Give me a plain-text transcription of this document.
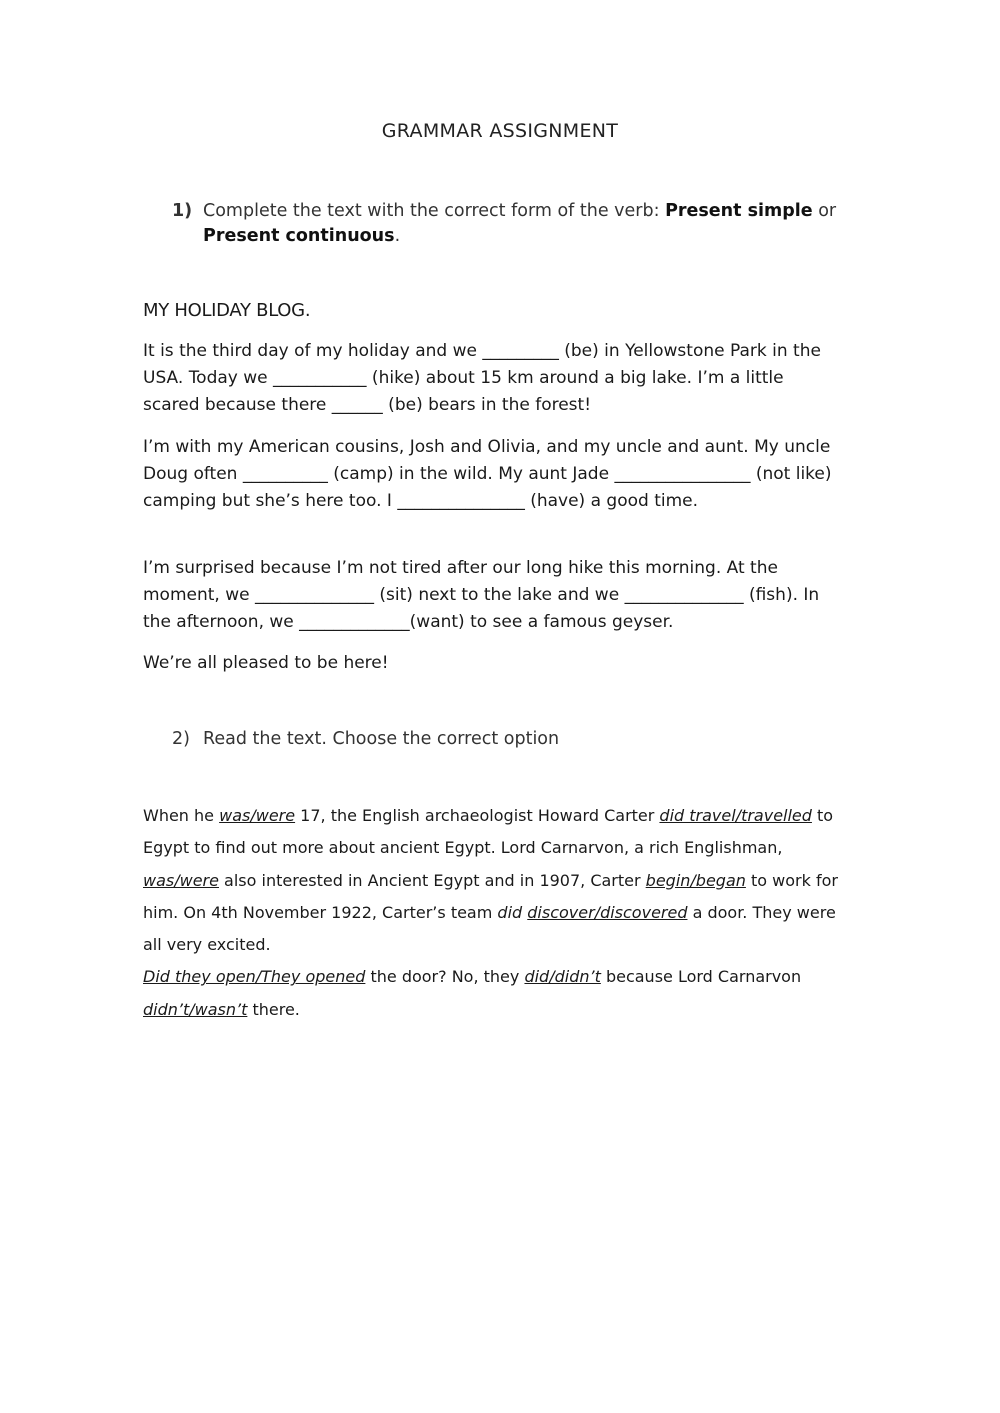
GRAMMAR ASSIGNMENT
1) Complete the text with the correct form of the verb: Present simple or
Present continuous.
MY HOLIDAY BLOG.

It is the third day of my holiday and we _________ (be) in Yellowstone Park in the USA. Today we ___________ (hike) about 15 km around a big lake. I’m a little scared because there ______ (be) bears in the forest!

I’m with my American cousins, Josh and Olivia, and my uncle and aunt. My uncle Doug often __________ (camp) in the wild. My aunt Jade ________________ (not like) camping but she’s here too. I _______________ (have) a good time.

I’m surprised because I’m not tired after our long hike this morning. At the moment, we ______________ (sit) next to the lake and we ______________ (fish). In the afternoon, we _____________(want) to see a famous geyser.

We’re all pleased to be here!

2) Read the text. Choose the correct option

When he was/were 17, the English archaeologist Howard Carter did travel/travelled to Egypt to find out more about ancient Egypt. Lord Carnarvon, a rich Englishman, was/were also interested in Ancient Egypt and in 1907, Carter begin/began to work for him. On 4th November 1922, Carter’s team did discover/discovered a door. They were all very excited.

Did they open/They opened the door? No, they did/didn’t because Lord Carnarvon
didn’t/wasn’t there.
